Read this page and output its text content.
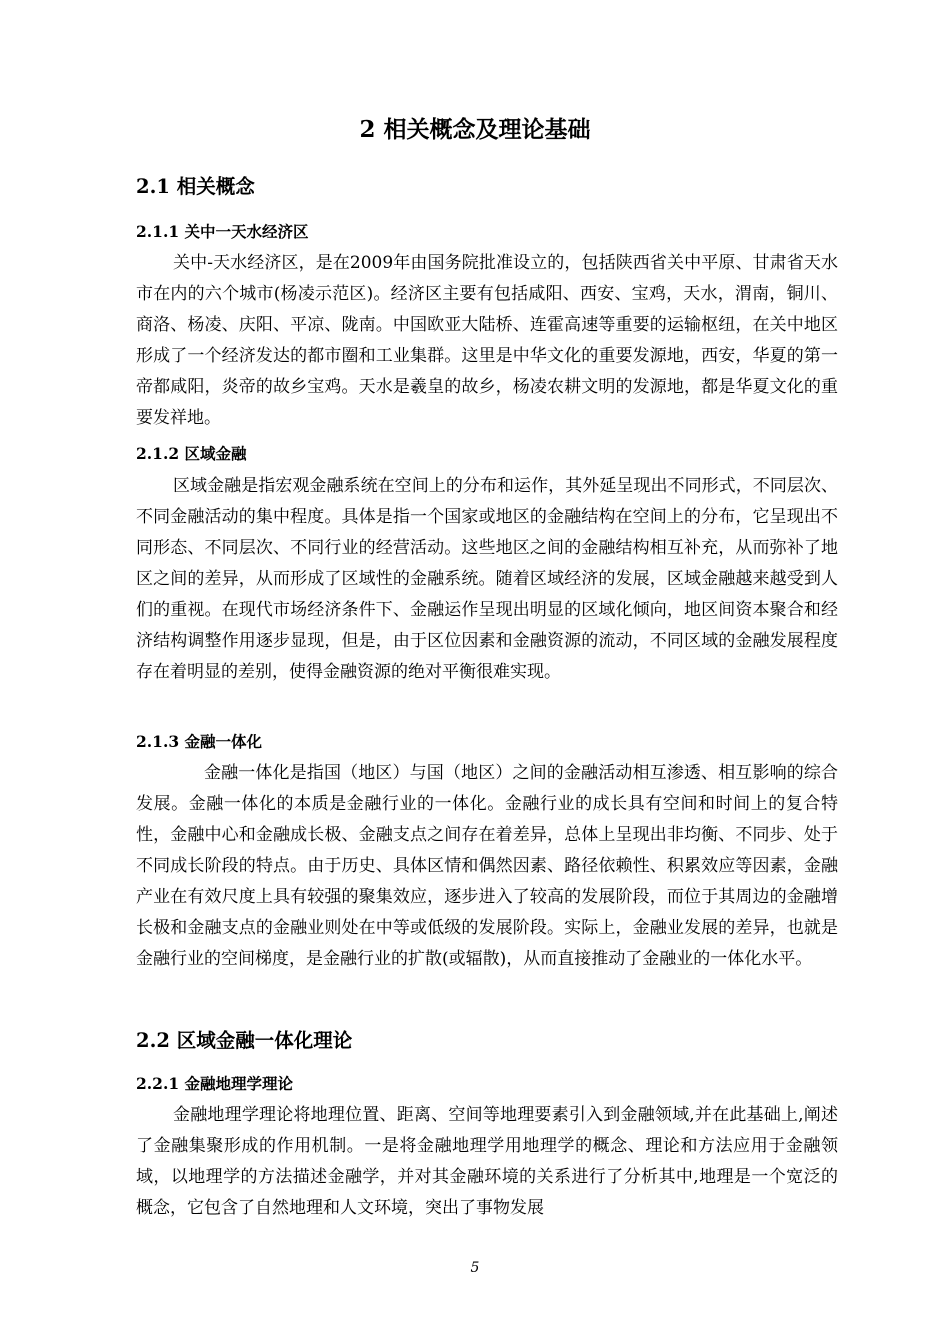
2 相关概念及理论基础
2.1 相关概念
2.1.1 关中一天水经济区

关中-天水经济区，是在2009年由国务院批准设立的，包括陕西省关中平原、甘肃省天水市在内的六个城市(杨凌示范区)。经济区主要有包括咸阳、西安、宝鸡，天水，渭南，铜川、商洛、杨凌、庆阳、平凉、陇南。中国欧亚大陆桥、连霍高速等重要的运输枢纽，在关中地区形成了一个经济发达的都市圈和工业集群。这里是中华文化的重要发源地，西安，华夏的第一帝都咸阳，炎帝的故乡宝鸡。天水是羲皇的故乡，杨凌农耕文明的发源地，都是华夏文化的重要发祥地。

2.1.2 区域金融

区域金融是指宏观金融系统在空间上的分布和运作，其外延呈现出不同形式，不同层次、不同金融活动的集中程度。具体是指一个国家或地区的金融结构在空间上的分布，它呈现出不同形态、不同层次、不同行业的经营活动。这些地区之间的金融结构相互补充，从而弥补了地区之间的差异，从而形成了区域性的金融系统。随着区域经济的发展，区域金融越来越受到人们的重视。在现代市场经济条件下、金融运作呈现出明显的区域化倾向，地区间资本聚合和经济结构调整作用逐步显现，但是，由于区位因素和金融资源的流动，不同区域的金融发展程度存在着明显的差别，使得金融资源的绝对平衡很难实现。

2.1.3 金融一体化

金融一体化是指国（地区）与国（地区）之间的金融活动相互渗透、相互影响的综合发展。金融一体化的本质是金融行业的一体化。金融行业的成长具有空间和时间上的复合特性，金融中心和金融成长极、金融支点之间存在着差异，总体上呈现出非均衡、不同步、处于不同成长阶段的特点。由于历史、具体区情和偶然因素、路径依赖性、积累效应等因素，金融产业在有效尺度上具有较强的聚集效应，逐步进入了较高的发展阶段，而位于其周边的金融增长极和金融支点的金融业则处在中等或低级的发展阶段。实际上，金融业发展的差异，也就是金融行业的空间梯度，是金融行业的扩散(或辐散)，从而直接推动了金融业的一体化水平。

2.2 区域金融一体化理论
2.2.1 金融地理学理论

金融地理学理论将地理位置、距离、空间等地理要素引入到金融领域,并在此基础上,阐述了金融集聚形成的作用机制。一是将金融地理学用地理学的概念、理论和方法应用于金融领域，以地理学的方法描述金融学，并对其金融环境的关系进行了分析其中,地理是一个宽泛的概念，它包含了自然地理和人文环境，突出了事物发展

5
